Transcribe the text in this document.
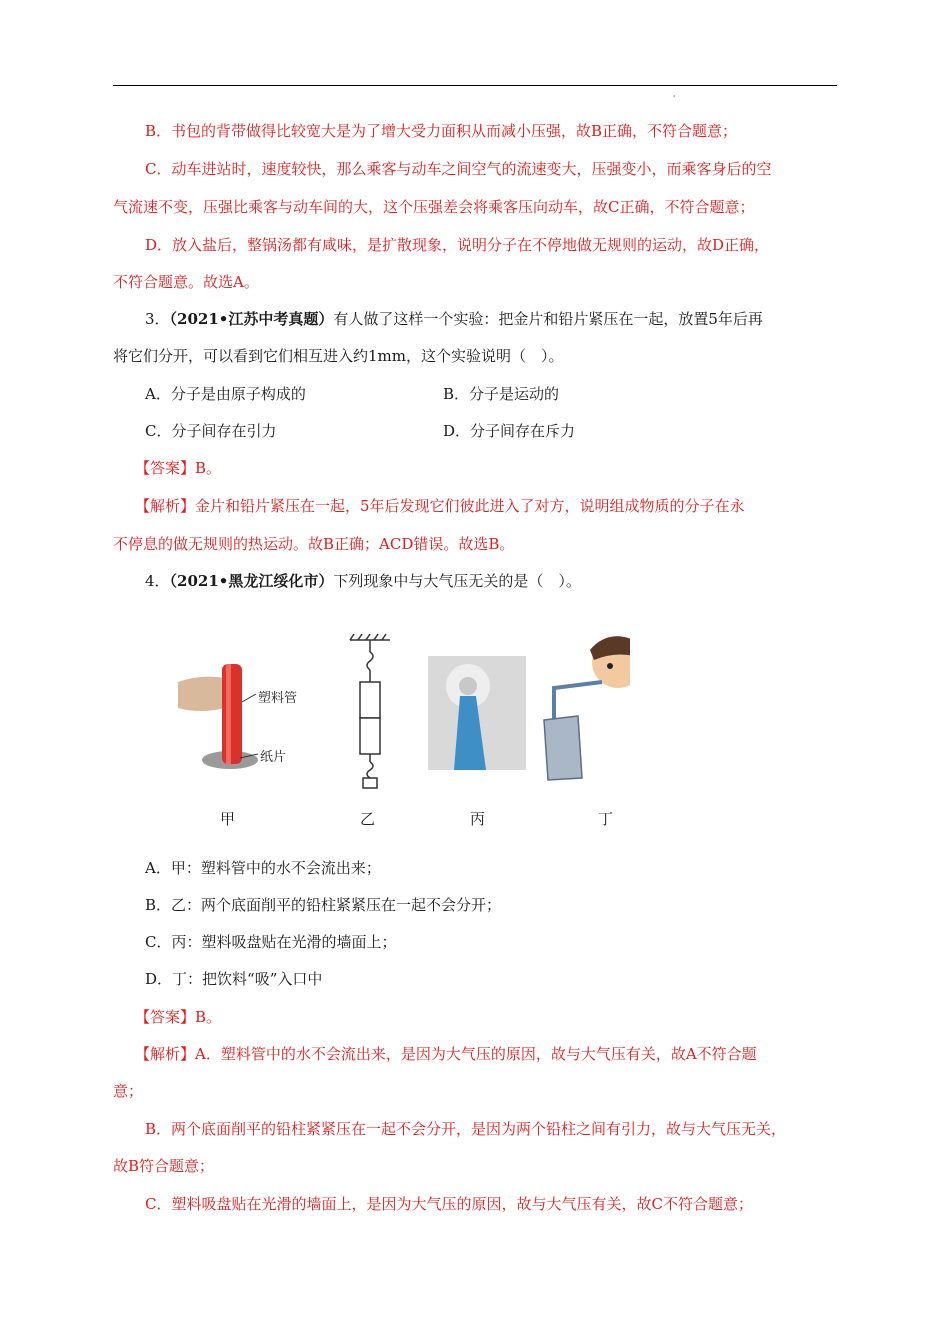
'
B．书包的背带做得比较宽大是为了增大受力面积从而减小压强，故B正确，不符合题意；
C．动车进站时，速度较快，那么乘客与动车之间空气的流速变大，压强变小，而乘客身后的空
气流速不变，压强比乘客与动车间的大，这个压强差会将乘客压向动车，故C正确，不符合题意；
D．放入盐后，整锅汤都有咸味，是扩散现象，说明分子在不停地做无规则的运动，故D正确，
不符合题意。故选A。
3．（2021•江苏中考真题）有人做了这样一个实验：把金片和铅片紧压在一起，放置5年后再
将它们分开，可以看到它们相互进入约1mm，这个实验说明（　）。
A．分子是由原子构成的	B．分子是运动的
C．分子间存在引力	D．分子间存在斥力
【答案】B。
【解析】金片和铅片紧压在一起，5年后发现它们彼此进入了对方，说明组成物质的分子在永
不停息的做无规则的热运动。故B正确；ACD错误。故选B。
4．（2021•黑龙江绥化市）下列现象中与大气压无关的是（　）。
塑料管
纸片
甲	乙	丙	丁
A．甲：塑料管中的水不会流出来；
B．乙：两个底面削平的铅柱紧紧压在一起不会分开；
C．丙：塑料吸盘贴在光滑的墙面上；
D．丁：把饮料“吸”入口中
【答案】B。
【解析】A．塑料管中的水不会流出来，是因为大气压的原因，故与大气压有关，故A不符合题
意；
B．两个底面削平的铅柱紧紧压在一起不会分开，是因为两个铅柱之间有引力，故与大气压无关，
故B符合题意；
C．塑料吸盘贴在光滑的墙面上，是因为大气压的原因，故与大气压有关，故C不符合题意；
